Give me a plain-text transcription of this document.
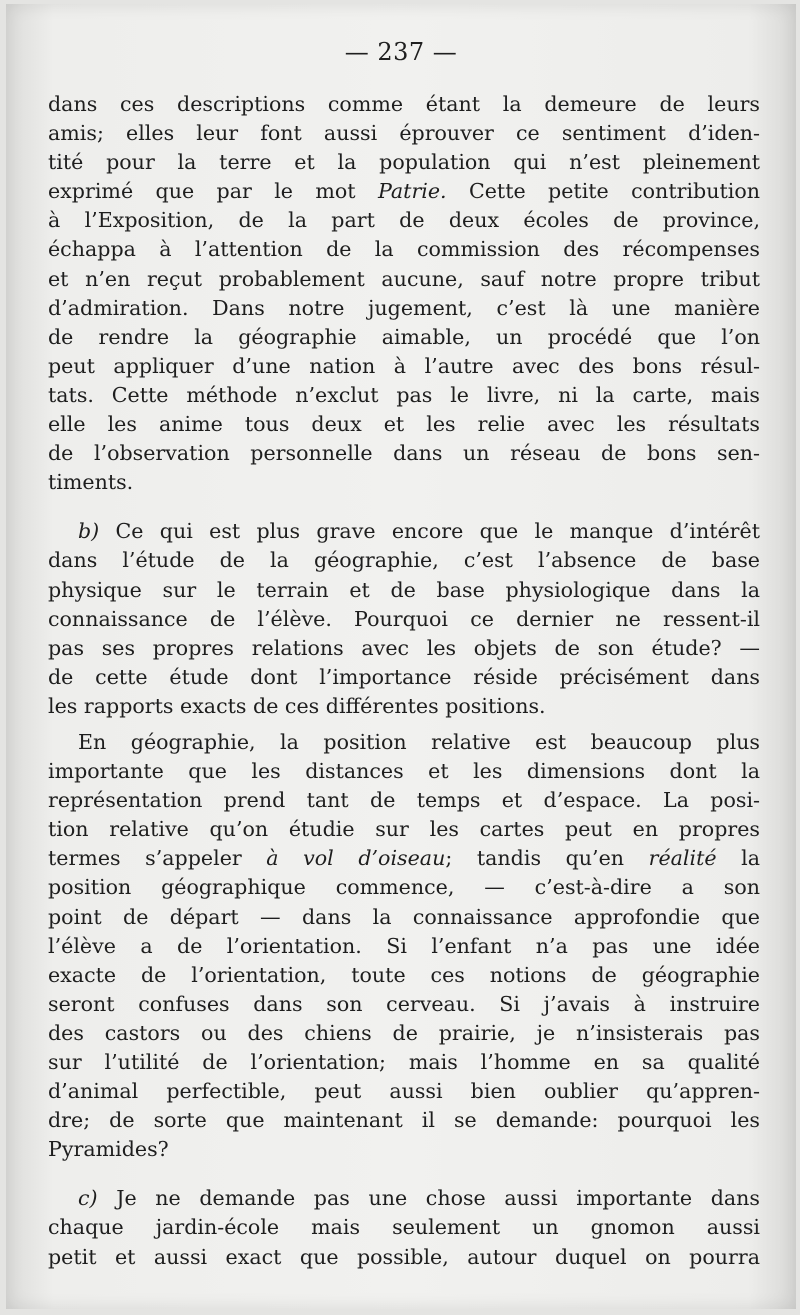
— 237 —
dans ces descriptions comme étant la demeure de leurs
amis; elles leur font aussi éprouver ce sentiment d’iden-
tité pour la terre et la population qui n’est pleinement
exprimé que par le mot Patrie. Cette petite contribution
à l’Exposition, de la part de deux écoles de province,
échappa à l’attention de la commission des récompenses
et n’en reçut probablement aucune, sauf notre propre tribut
d’admiration. Dans notre jugement, c’est là une manière
de rendre la géographie aimable, un procédé que l’on
peut appliquer d’une nation à l’autre avec des bons résul-
tats. Cette méthode n’exclut pas le livre, ni la carte, mais
elle les anime tous deux et les relie avec les résultats
de l’observation personnelle dans un réseau de bons sen-
timents.
b) Ce qui est plus grave encore que le manque d’intérêt
dans l’étude de la géographie, c’est l’absence de base
physique sur le terrain et de base physiologique dans la
connaissance de l’élève. Pourquoi ce dernier ne ressent-il
pas ses propres relations avec les objets de son étude? —
de cette étude dont l’importance réside précisément dans
les rapports exacts de ces différentes positions.
En géographie, la position relative est beaucoup plus
importante que les distances et les dimensions dont la
représentation prend tant de temps et d’espace. La posi-
tion relative qu’on étudie sur les cartes peut en propres
termes s’appeler à vol d’oiseau; tandis qu’en réalité la
position géographique commence, — c’est-à-dire a son
point de départ — dans la connaissance approfondie que
l’élève a de l’orientation. Si l’enfant n’a pas une idée
exacte de l’orientation, toute ces notions de géographie
seront confuses dans son cerveau. Si j’avais à instruire
des castors ou des chiens de prairie, je n’insisterais pas
sur l’utilité de l’orientation; mais l’homme en sa qualité
d’animal perfectible, peut aussi bien oublier qu’appren-
dre; de sorte que maintenant il se demande: pourquoi les
Pyramides?
c) Je ne demande pas une chose aussi importante dans
chaque jardin-école mais seulement un gnomon aussi
petit et aussi exact que possible, autour duquel on pourra
